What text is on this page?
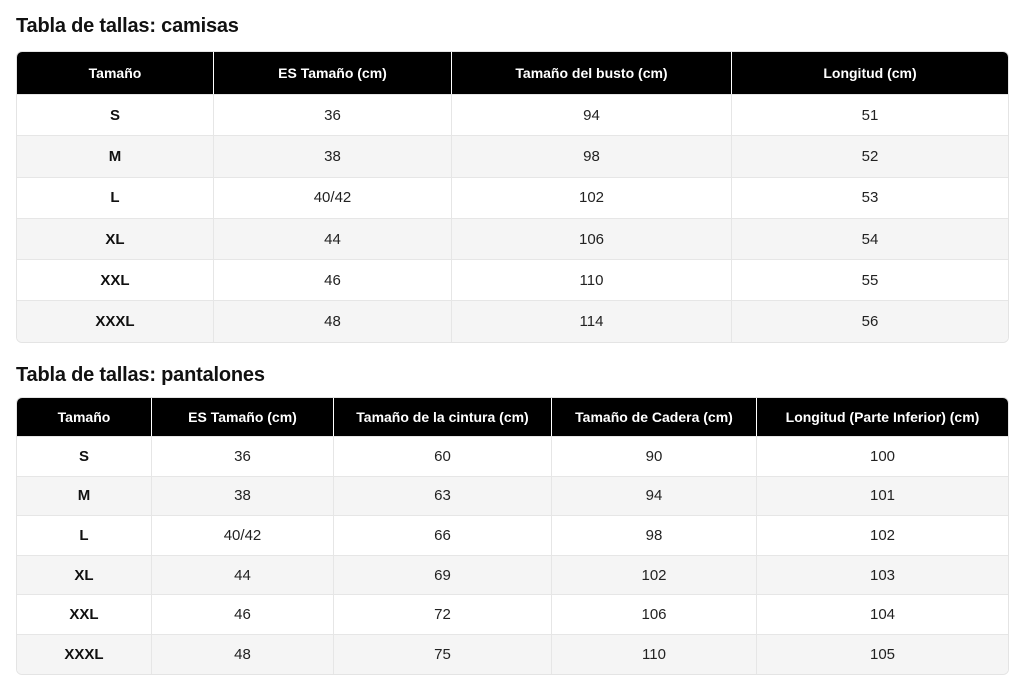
Tabla de tallas: camisas
Tamaño	ES Tamaño (cm)	Tamaño del busto (cm)	Longitud (cm)
S	36	94	51
M	38	98	52
L	40/42	102	53
XL	44	106	54
XXL	46	110	55
XXXL	48	114	56
Tabla de tallas: pantalones
Tamaño	ES Tamaño (cm)	Tamaño de la cintura (cm)	Tamaño de Cadera (cm)	Longitud (Parte Inferior) (cm)
S	36	60	90	100
M	38	63	94	101
L	40/42	66	98	102
XL	44	69	102	103
XXL	46	72	106	104
XXXL	48	75	110	105
